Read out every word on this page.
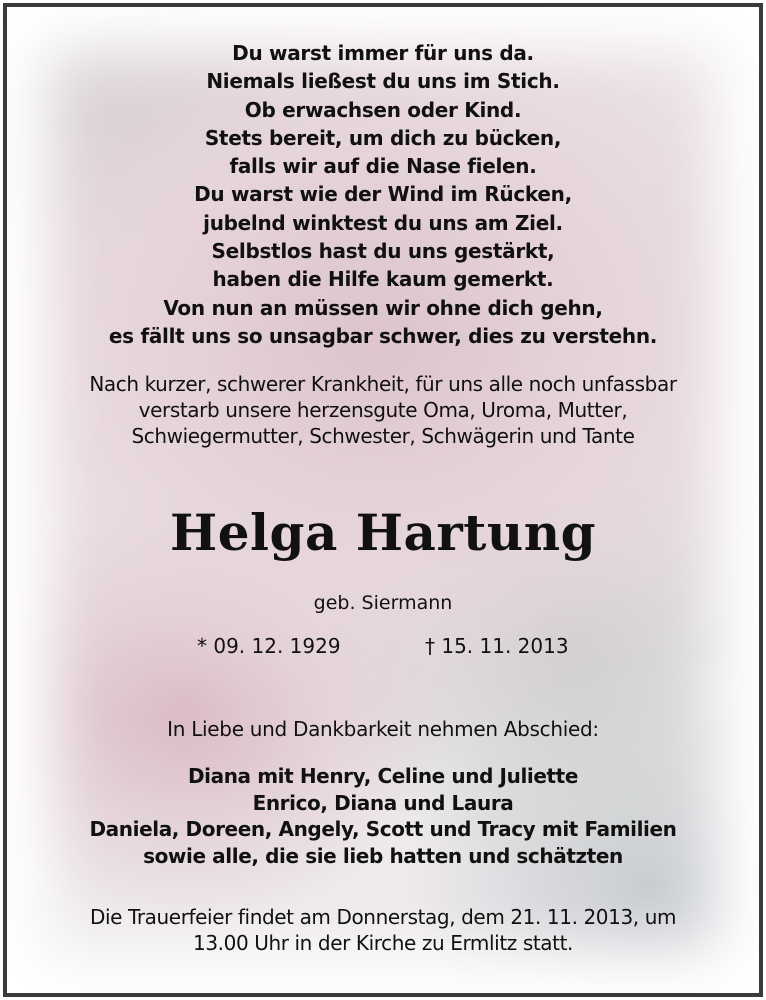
Du warst immer für uns da.
Niemals ließest du uns im Stich.
Ob erwachsen oder Kind.
Stets bereit, um dich zu bücken,
falls wir auf die Nase fielen.
Du warst wie der Wind im Rücken,
jubelnd winktest du uns am Ziel.
Selbstlos hast du uns gestärkt,
haben die Hilfe kaum gemerkt.
Von nun an müssen wir ohne dich gehn,
es fällt uns so unsagbar schwer, dies zu verstehn.
Nach kurzer, schwerer Krankheit, für uns alle noch unfassbar
verstarb unsere herzensgute Oma, Uroma, Mutter,
Schwiegermutter, Schwester, Schwägerin und Tante
Helga Hartung
geb. Siermann
* 09. 12. 1929	† 15. 11. 2013
In Liebe und Dankbarkeit nehmen Abschied:
Diana mit Henry, Celine und Juliette
Enrico, Diana und Laura
Daniela, Doreen, Angely, Scott und Tracy mit Familien
sowie alle, die sie lieb hatten und schätzten
Die Trauerfeier findet am Donnerstag, dem 21. 11. 2013, um
13.00 Uhr in der Kirche zu Ermlitz statt.
